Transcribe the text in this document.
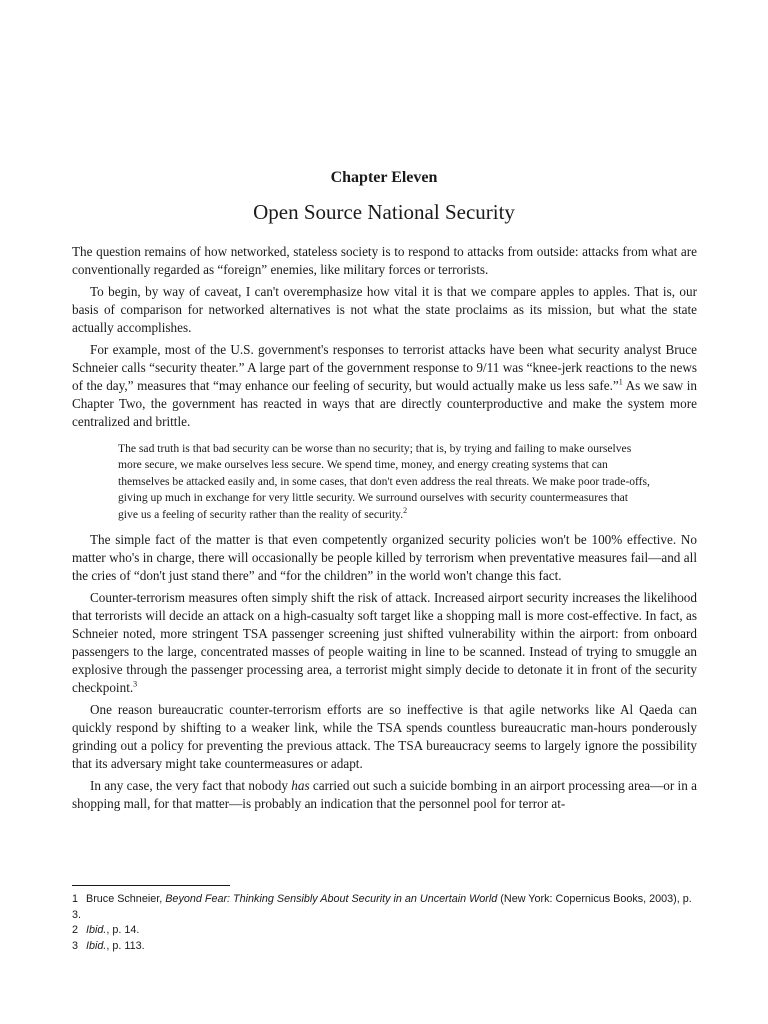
Chapter Eleven
Open Source National Security

The question remains of how networked, stateless society is to respond to attacks from outside: attacks from what are conventionally regarded as “foreign” enemies, like military forces or terrorists.

To begin, by way of caveat, I can't overemphasize how vital it is that we compare apples to apples. That is, our basis of comparison for networked alternatives is not what the state proclaims as its mission, but what the state actually accomplishes.

For example, most of the U.S. government's responses to terrorist attacks have been what security analyst Bruce Schneier calls “security theater.” A large part of the government response to 9/11 was “knee-jerk reactions to the news of the day,” measures that “may enhance our feeling of security, but would actually make us less safe.”$^1$ As we saw in Chapter Two, the government has reacted in ways that are directly counterproductive and make the system more centralized and brittle.

The sad truth is that bad security can be worse than no security; that is, by trying and failing to make ourselves more secure, we make ourselves less secure. We spend time, money, and energy creating systems that can themselves be attacked easily and, in some cases, that don't even address the real threats. We make poor trade-offs, giving up much in exchange for very little security. We surround ourselves with security countermeasures that give us a feeling of security rather than the reality of security.$^2$

The simple fact of the matter is that even competently organized security policies won't be 100% effective. No matter who's in charge, there will occasionally be people killed by terrorism when preventative measures fail—and all the cries of “don't just stand there” and “for the children” in the world won't change this fact.

Counter-terrorism measures often simply shift the risk of attack. Increased airport security increases the likelihood that terrorists will decide an attack on a high-casualty soft target like a shopping mall is more cost-effective. In fact, as Schneier noted, more stringent TSA passenger screening just shifted vulnerability within the airport: from onboard passengers to the large, concentrated masses of people waiting in line to be scanned. Instead of trying to smuggle an explosive through the passenger processing area, a terrorist might simply decide to detonate it in front of the security checkpoint.$^3$

One reason bureaucratic counter-terrorism efforts are so ineffective is that agile networks like Al Qaeda can quickly respond by shifting to a weaker link, while the TSA spends countless bureaucratic man-hours ponderously grinding out a policy for preventing the previous attack. The TSA bureaucracy seems to largely ignore the possibility that its adversary might take countermeasures or adapt.

In any case, the very fact that nobody has carried out such a suicide bombing in an airport processing area—or in a shopping mall, for that matter—is probably an indication that the personnel pool for terror at-

1 Bruce Schneier, Beyond Fear: Thinking Sensibly About Security in an Uncertain World (New York: Copernicus Books, 2003), p. 3.

2 Ibid., p. 14.

3 Ibid., p. 113.
